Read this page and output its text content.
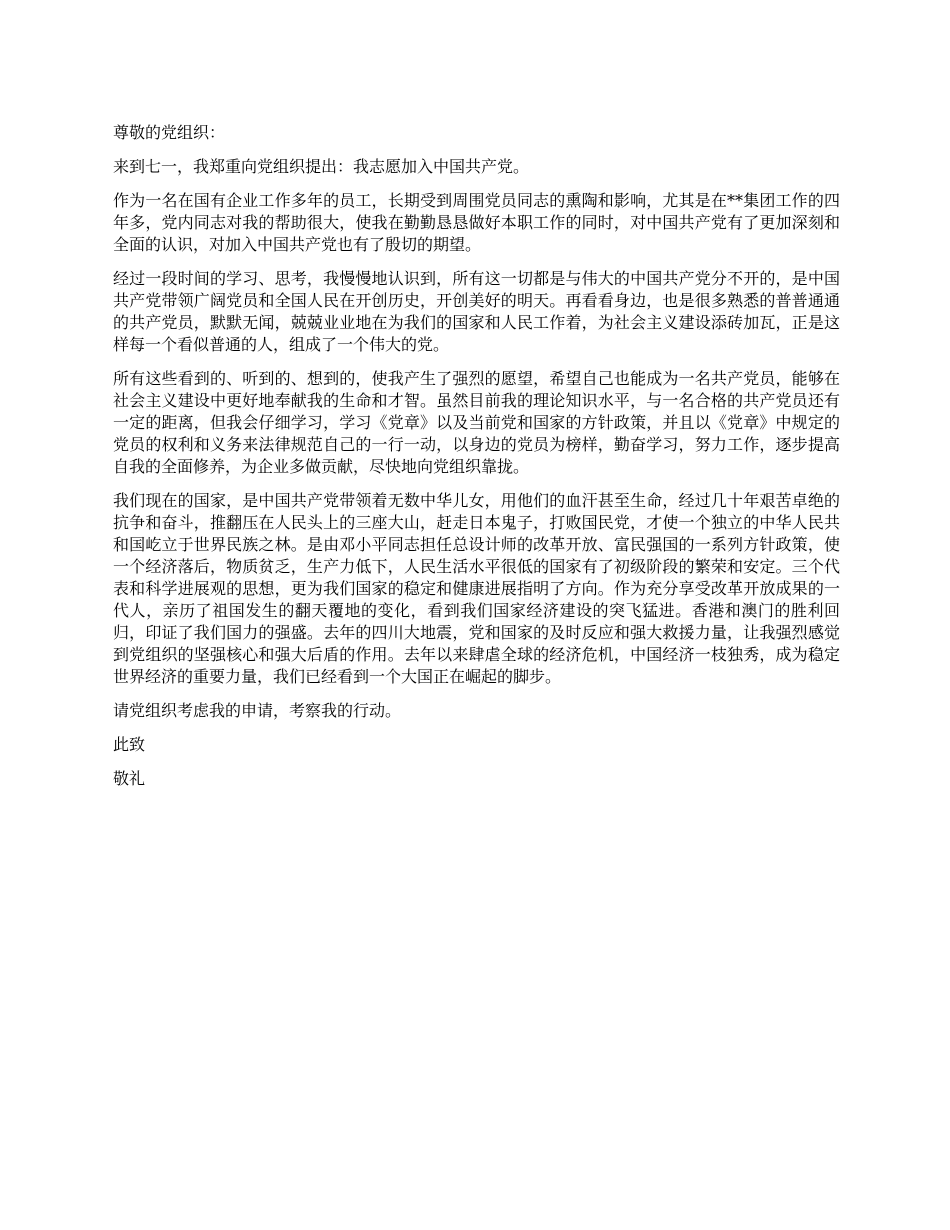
尊敬的党组织：

来到七一，我郑重向党组织提出：我志愿加入中国共产党。

作为一名在国有企业工作多年的员工，长期受到周围党员同志的熏陶和影响，尤其是在**集团工作的四年多，党内同志对我的帮助很大，使我在勤勤恳恳做好本职工作的同时，对中国共产党有了更加深刻和全面的认识，对加入中国共产党也有了殷切的期望。

经过一段时间的学习、思考，我慢慢地认识到，所有这一切都是与伟大的中国共产党分不开的，是中国共产党带领广阔党员和全国人民在开创历史，开创美好的明天。再看看身边，也是很多熟悉的普普通通的共产党员，默默无闻，兢兢业业地在为我们的国家和人民工作着，为社会主义建设添砖加瓦，正是这样每一个看似普通的人，组成了一个伟大的党。

所有这些看到的、听到的、想到的，使我产生了强烈的愿望，希望自己也能成为一名共产党员，能够在社会主义建设中更好地奉献我的生命和才智。虽然目前我的理论知识水平，与一名合格的共产党员还有一定的距离，但我会仔细学习，学习《党章》以及当前党和国家的方针政策，并且以《党章》中规定的党员的权利和义务来法律规范自己的一行一动，以身边的党员为榜样，勤奋学习，努力工作，逐步提高自我的全面修养，为企业多做贡献，尽快地向党组织靠拢。

我们现在的国家，是中国共产党带领着无数中华儿女，用他们的血汗甚至生命，经过几十年艰苦卓绝的抗争和奋斗，推翻压在人民头上的三座大山，赶走日本鬼子，打败国民党，才使一个独立的中华人民共和国屹立于世界民族之林。是由邓小平同志担任总设计师的改革开放、富民强国的一系列方针政策，使一个经济落后，物质贫乏，生产力低下，人民生活水平很低的国家有了初级阶段的繁荣和安定。三个代表和科学进展观的思想，更为我们国家的稳定和健康进展指明了方向。作为充分享受改革开放成果的一代人，亲历了祖国发生的翻天覆地的变化，看到我们国家经济建设的突飞猛进。香港和澳门的胜利回归，印证了我们国力的强盛。去年的四川大地震，党和国家的及时反应和强大救援力量，让我强烈感觉到党组织的坚强核心和强大后盾的作用。去年以来肆虐全球的经济危机，中国经济一枝独秀，成为稳定世界经济的重要力量，我们已经看到一个大国正在崛起的脚步。

请党组织考虑我的申请，考察我的行动。

此致

敬礼
